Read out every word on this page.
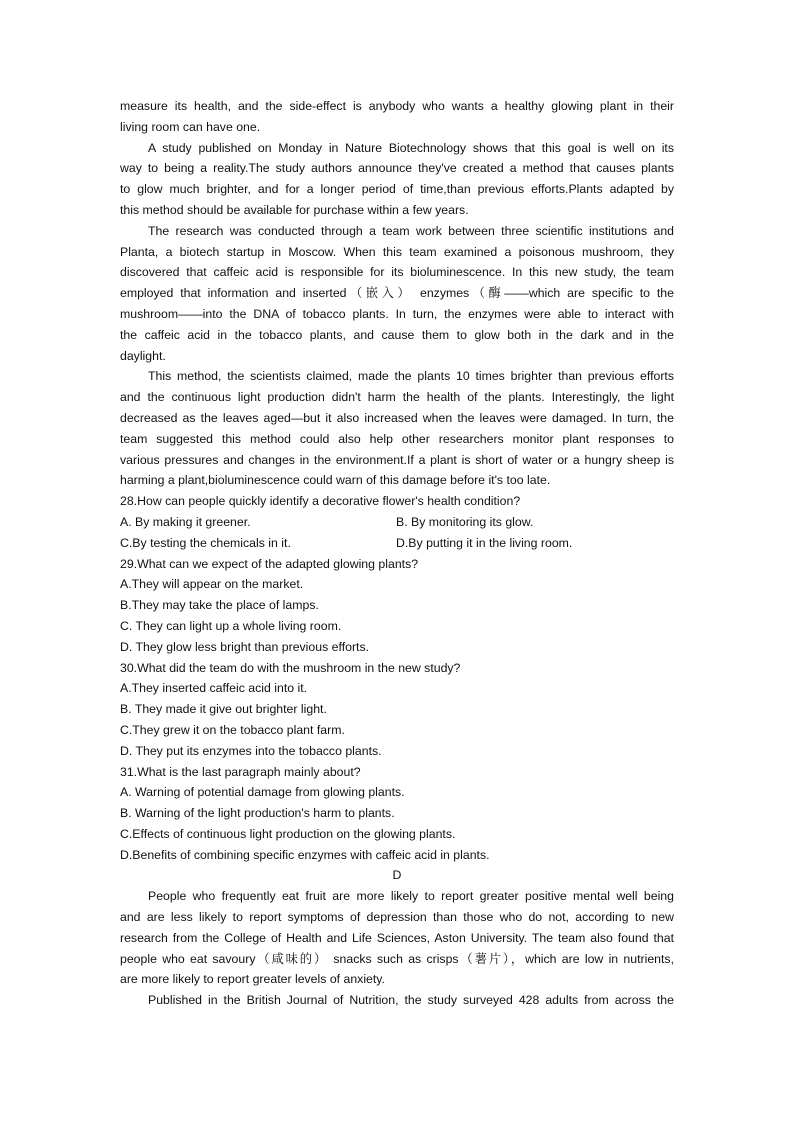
measure its health, and the side-effect is anybody who wants a healthy glowing plant in their
living room can have one.
A study published on Monday in Nature Biotechnology shows that this goal is well on its
way to being a reality.The study authors announce they've created a method that causes plants
to glow much brighter, and for a longer period of time,than previous efforts.Plants adapted by
this method should be available for purchase within a few years.
The research was conducted through a team work between three scientific institutions and
Planta, a biotech startup in Moscow. When this team examined a poisonous mushroom, they
discovered that caffeic acid is responsible for its bioluminescence. In this new study, the team
employed that information and inserted（嵌入） enzymes（酶——which are specific to the
mushroom——into the DNA of tobacco plants. In turn, the enzymes were able to interact with
the caffeic acid in the tobacco plants, and cause them to glow both in the dark and in the
daylight.
This method, the scientists claimed, made the plants 10 times brighter than previous efforts
and the continuous light production didn't harm the health of the plants. Interestingly, the light
decreased as the leaves aged—but it also increased when the leaves were damaged. In turn, the
team suggested this method could also help other researchers monitor plant responses to
various pressures and changes in the environment.If a plant is short of water or a hungry sheep is
harming a plant,bioluminescence could warn of this damage before it's too late.
28.How can people quickly identify a decorative flower's health condition?
A. By making it greener.	B. By monitoring its glow.
C.By testing the chemicals in it.	D.By putting it in the living room.
29.What can we expect of the adapted glowing plants?
A.They will appear on the market.
B.They may take the place of lamps.
C. They can light up a whole living room.
D. They glow less bright than previous efforts.
30.What did the team do with the mushroom in the new study?
A.They inserted caffeic acid into it.
B. They made it give out brighter light.
C.They grew it on the tobacco plant farm.
D. They put its enzymes into the tobacco plants.
31.What is the last paragraph mainly about?
A. Warning of potential damage from glowing plants.
B. Warning of the light production's harm to plants.
C.Effects of continuous light production on the glowing plants.
D.Benefits of combining specific enzymes with caffeic acid in plants.
D
People who frequently eat fruit are more likely to report greater positive mental well being
and are less likely to report symptoms of depression than those who do not, according to new
research from the College of Health and Life Sciences, Aston University. The team also found that
people who eat savoury（咸味的） snacks such as crisps（薯片），which are low in nutrients,
are more likely to report greater levels of anxiety.
Published in the British Journal of Nutrition, the study surveyed 428 adults from across the
